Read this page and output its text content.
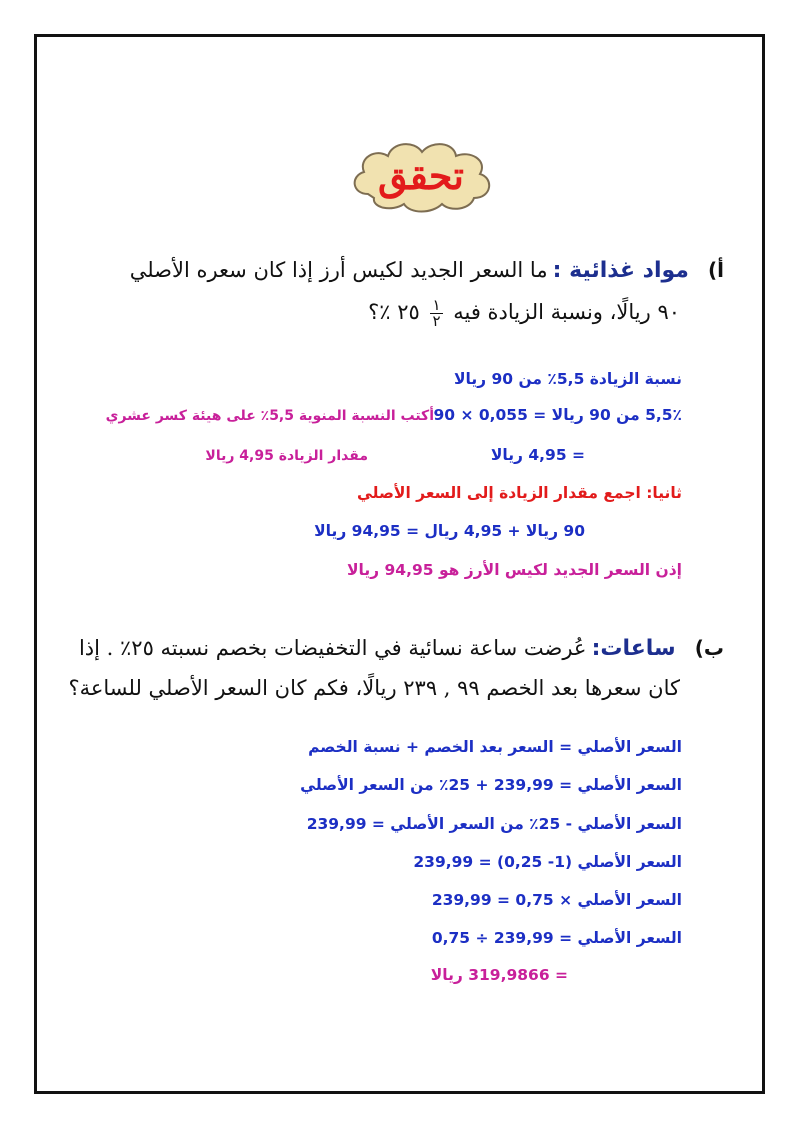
تحقق
أ) مواد غذائية : ما السعر الجديد لكيس أرز إذا كان سعره الأصلي
٩٠ ريالًا، ونسبة الزيادة فيه
$\frac{١}{٢}$
٢٥ ٪؟
نسبة الزيادة 5,5٪ من 90 ريالا
5,5٪ من 90 ريالا = 0,055 × 90
أكتب النسبة المنوية 5,5٪ على هيئة كسر عشري
= 4,95 ريالا
مقدار الزيادة 4,95 ريالا
ثانيا: اجمع مقدار الزيادة إلى السعر الأصلي
90 ريالا + 4,95 ريال = 94,95 ريالا
إذن السعر الجديد لكيس الأرز هو 94,95 ريالا
ب) ساعات: عُرضت ساعة نسائية في التخفيضات بخصم نسبته ٢٥٪ . إذا
كان سعرها بعد الخصم ٩٩ , ٢٣٩ ريالًا، فكم كان السعر الأصلي للساعة؟
السعر الأصلي = السعر بعد الخصم + نسبة الخصم
السعر الأصلي = 239,99 + 25٪ من السعر الأصلي
السعر الأصلي - 25٪ من السعر الأصلي = 239,99
السعر الأصلي (1- 0,25) = 239,99
السعر الأصلي × 0,75 = 239,99
السعر الأصلي = 239,99 ÷ 0,75
= 319,9866 ريالا
